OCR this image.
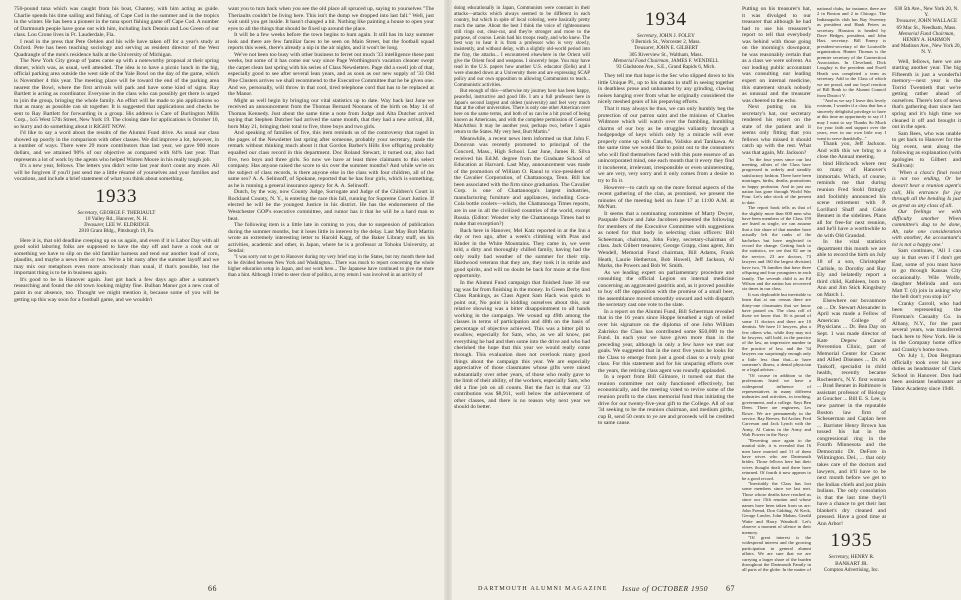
750-pound tuna which was caught from his boat, Chantey, with him acting as guide. Charlie spends his time sailing and fishing, of Cape Cod in the summer and in the tropics in the winter. He has been a pioneer in the tuna sport fishing game off Cape Cod. A number of Dartmouth people have gone out with him, including Jack Dennis and Lou Green of our class. Lou Crone lives in Ft. Lauderdale, Fla.

I read in the press that Pete Oehlen and his wife have taken off for a year's study at Oxford. Pete has been teaching sociology and serving as resident director of the West Quadrangle of the men's residence halls at the University of Michigan.

The New York City group of 'pates came up with a noteworthy proposal at their spring dinner, which was, as usual, well attended. The idea is to have a picnic lunch in the big, official parking area outside the west side of the Yale Bowl on the day of the game, which is November 4 this year. The meeting place will be toward the end of the parking area nearest the Bowl, where the first arrivals will park and have some kind of signs. Ray Bartlett is acting as coordinator. Everyone in the class who can possibly get there is urged to join the group, bringing the whole family. An effort will be made to pin applications so that as many as possible can sit together. It is suggested that applications and checks be sent to Ray Bartlett for forwarding in a group. His address is Care of Burlington Mills Corp., 1o5 West 57th Street, New York 19. The closing date for applications is October 10, so hurry and do something about it RIGHT NOW.

I'd like to say a word about the results of the Alumni Fund drive. As usual our class showed up poorly in the comparison with other classes. We did improve a lot, however, in a number of ways. There were 29 more contributors than last year, we gave 900 more dollars, and we attained 90% of our objective as compared with 84% last year. That represents a lot of work by the agents who helped Warren Moore in his really tough job.

It's a new year, fellows. The letters you didn't write last year don't count any more. All will be forgiven if you'll just send me a little résumé of yourselves and your families and vocations, and include a brief statement of what you think about something.

1933
Secretary, GEORGE F. THERIAULT
10 Valley Rd., Hanover, N. H.
Treasurer, LEE W. ELDRIDGE
2810 Grant Bldg., Pittsburgh 19, Pa.

Here it is, that old deadline creeping up on us again, and even if it is Labor Day with all good solid laboring folks are supposed to have the day off and have a cook out or something we have to slip on the old familiar harness and tend our another load of corn, plaudits, and maybe a news item or two. We're a bit rusty after the summer layoff and we may mix our metaphors even more atrociously than usual, if that's possible, but the important thing is to be in business again.

It's good to be in Hanover again. Just got back a few days ago after a summer's researching and found the old town looking mighty fine. Bulban Manor got a new coat of paint in our absence, too. Thought we might mention it, because some of you will be getting up this way soon for a football game, and we wouldn't

want you to turn back when you see the old place all spruced up, saying to yourselves "The Theriaults couldn't be living here. This isn't the dump we dropped into last fall." Well, just wait until you get inside. It hasn't changed a bit. Nothing like painting a house to open your eyes to all the things that should be fixed up around the place.

It will be a few weeks before the town begins to hum again. It still has its lazy summer look and there are few familiar faces to be seen on Main Street, but the football squad reports this week, there's already a nip in the air nights, and it won't be long.

We've not been too busy with other business to ferret out much '33 intelligence these past weeks, but some of it has come our way since Page Worthington's vacation cleaner swept the carpet clean last spring with his series of Class Newsletters. Page did a swell job of that, especially good to see after several lean years, and as soon as our new supply of '33 Old Pine Clusters arrives we shall recommend to the Executive Committee that he be given one. And we, personally, will throw in that cool, tired telephone cord that has to be replaced at the Manor.

Might as well begin by bringing our vital statistics up to date. Way back last June we received an announcement from the Thomas Bernard Noonans of the birth on May 14 of Thomas Kennedy. Just about the same time a note from Judge and Alta Dutcher arrived saying that Stephen Dutcher had arrived the same month, that they had a new arrival, Jill, born May 21, bringing their total to five, three boys and two girls.

And speaking of families of five, this item reminds us of the controversy that raged in the pages of the Newsletter last spring after someone, probably your secretary, made the remark without thinking much about it that Gordon Barber's Hills live offspring probably equalled our class record in this department. Doc Roland Stewart, it turned out, also had five, two boys and three girls. So now we have at least three claimants to this select company. Has anyone raised the score to six over the summer months? And while we're on the subject of class records, is there anyone else in the class with four children, all of the same sex? A. A. Selinsoff, of Spokane, reported that he has four girls, which is something, as he is running a general insurance agency for A. A. Selinsoff.

Dutch, by the way, now County Judge, Surrogate and Judge of the Children's Court in Rockland County, N. Y., is entering the race this fall, running for Supreme Court Justice. If elected he will be the youngest Justice in his district. He has the endorsement of the Westchester GOP's executive committee, and rumor has it that he will be a hard man to beat.

The following item is a little late in coming to you, due to suspension of publication during the summer months, but it loses little in interest by the delay. Last May Burt Martin wrote an extremely interesting letter to Harold Kagg, of the Baker Library staff, on his activities, academic and other, in Japan, where he is a professor at Tohoku University, at Sendai:

"I was sorry not to get to Hanover during my very brief stay in the States, but my month there had to be divided between New York and Washington... There was much to report concerning the whole higher education setup in Japan, and our work here... The Japanese have continued to give me more than a hint. Although I tried to steer clear of politics, at my return I was involved in an activity of

66

doing educationally in Japan, Communists were constant in their attacks—attacks which always seemed to be different in each country, but which in spite of local coloring, were basically pretty much the same. About the best I think the voice of righteousness still rings out, clear-cut, and they're stronger and more to the purpose, of course. Lenin had his troops ready, and who knew. The best way to hear it is from a professor who is very slowly, insistently, and without delay, with a slightly old-world period into the fray, the attacks... I encountered elsewhere in the Orient will give the Orient food and weapons. I sincerely hope. You may have read in the U.S. papers how another U.S. educator (Eells) and I were shouted down at a University there and are expressing SCAP policy and our own opposition to allowing Communists to teach... Communistic activities.

But enough of this—otherwise my journey here has been happy, peaceful, instructive and good life. I am a full professor here in Japan's second largest and oldest (university) and feel very much that at the other universities. There is only one other American over here on the same terms, and both of us can be a bit proud of being known as Americans, and with the complete permission of General MacArthur. It may be another year, perhaps two, before I again return to the States. My very best, Burt Martin."

Meanwhile, a recent news item informed us that John F. Donovan was recently promoted to principal of the Concord, Mass., High School. Last June, James R. Silva received his Ed.M. degree from the Graduate School of Education at Harvard. Last May, announcement was made of the promotion of William O. Raoul to vice-president of the Cavalier Corporation, of Chattanooga, Tenn. Bill has been associated with the firm since graduation. The Cavalier Corp. is one of Chattanooga's largest industries, manufacturing furniture and appliances, including Coca-Cola bottle coolers—which, the Chattanooga Times reports, are in use in all the civilized countries of the world, except Russia. (Editor: Wonder why the Chattanooga Times had to make that exception?)

Back here in Hanover, Mel Katz reported in at the Inn a day or two ago, after a week's climbing with Pras and Kinder in the White Mountains. They came in, we were told, a dirty and thoroughly chilled family, having had the only really bad weather of the summer for their trip. Hardwood veterans that they are, they took it in stride and good spirits, and will no doubt be back for more at the first opportunity.

In the Alumni Fund campaign that finished June 30 our tag was far from finishing in the money. In Green Derby and Class Rankings, as Class Agent Sam Hack was quick to point out, No point in kidding ourselves about this, our relative showing was a bitter disappointment to all hands working in the campaign. We wound up 49th among the classes in terms of participation and 48th on the basis of percentage of objective achieved. This was a bitter pill to swallow, especially for Sam, who, as we all know, put everything he had and then some into the drive and who had cherished the hope that this year we would really come through. This evaluation does not overlook many good things about the campaign this year. We are especially appreciative of those classmates whose gifts were raised substantially over other years, of those who really gave to the limit of their ability, of the workers, especially Sam, who did a fine job on all counts. But the fact is that our '33 contribution was $8,911, well below the achievement of other classes, and there is no reason why next year we should do better.

1934
Secretary, JOHN J. FOLEY
9 Bernick St., Worcester 2, Mass.
Treasurer, JOHN E. GILBERT
305 Riverview St., Waltham, Mass.
Memorial Fund Chairman, JAMES F. WENDELL
93 Gladstone Ave., S.E., Grand Rapids 6, Mich.

They tell me that hope is the Sec who slipped down to his little Unique Pl., up to his shanks in stuff in seeing together in deathless prose and unhaunted by any grinding, clawing noises hanging over from what he originally considered the nicely meshed gears of his prepaving efforts.

That it may always be thus, we can only humbly beg the protection of our patron saint and the minions of Charles Widmore which will watch over the fumbling, bumbling charms of our boy as he struggles valiantly through a hodgepodge of keys which only by a miracle will ever properly come up with Catullus, Valisko and Tanikawa. At the same time we would like to point out to the consumers who will find themselves faced with this pure essence of an unincorporated mind, one each month that it every they find it incoherent, irrelevant, irresponsible or even uninteresting, we are very, very sorry and it only comes from a desire to try to fix it.

However—to catch up on the more formal aspects of the recent gathering of the clan, as promised, we present the minutes of the meeting held on June 17 at 11:00 A.M. at McNutt.

It seems that a nominating committee of Marty Dwyer, Pasquale Dacre and Jake Jacobsen presented the following for members of the Executive Committee with suggestions as noted for that body in selecting class officers: Bill Scheerman, chairman, John Foley, secretary-chairman of class. Jack Gilbert treasurer, George Grapp, class agent, Jim Wendell, Memorial Fund chairman, Bill Adams, Frank Heath, Laurie Hetherton, Bob Howell, Jeff Jackson, Al Marks, the Powers and Bob W. Smith.

As we leading expert on parliamentary procedure and consulting the official Legion on internal medicine concerning an aggravated gastritis and, as it proved possible to buy off the opposition with the promise of a small beer, the assemblance moved smoothly onward and with dispatch the secretary cast one vote to the slate.

In a report on the Alumni Fund, Bill Scheerman revealed that in the 16 years since Hoppe breathed a sigh of relief over his signature on the diploma of one John William Zakrisko the Class has contributed some $50,000 to the Fund. In each year we have given more than in the preceding year, although in only a few have we met our goals. We suggested that in the next five years he looks for the Class to emerge from just a good class to a truly great class. For this statement and for his unsparing efforts over the years, the retiring class agent was roundly applauded.

In a report from Bill Gilmore, it turned out that the reunion committee not only functioned effectively, but economically, and the meeting voted to revive some of the reunion profit to the class memorial fund thus initiating the drive for our twenty-five-year gift to the College. All of our '34 seeking to be the reunion chairman, and medium girths, cup B, send 50 cents to ye are and proceeds will be credited to same cause.

Putting on his treasurer's hat, it was divulged to our treasurer that although he had had to use his treasurer's report to tell that everybody was behind with those going on the morning's downpour, he was reasonably certain that as a class we were solvent. As our leading public accountant was consulting our leading expert on internal medicine, this statement struck nobody as unusual and the treasurer was cheered to the echo.

Next putting on his secretary's hat, our secretary rendered his report on the state of the patient and it seems only fitting that you fellows who missed it should catch up with the rest. What was that again, Mr. Jackson?

"In the four years since our last meeting, affairs of the Class have progressed in orderly and steadily satisfactory fashion. There have been marriages, births, deaths, promotions in happy profusion. And in just our nation has gone through World War Four. Let's take stock of the present to date.

The report book tells us that of the slightly more than 600 men who have been members of the Class 159 are listed as single, we can assume that a fair share of that number have actually left the ranks of the bachelors but have neglected to record the change. Getting back to the statistics, we see that 82 are in the service, 23 are doctors, 73 lawyers and 160 the largest division) have two, 76 families that have three offspring and four youngsters in each family. The seventh child is an Ed Wilson and the nation has recovered six times in our class.

It was deplorable but inevitable to learn that at our census there are thirty-one classmates that we know have passed on. The class roll of those we know that. 16 is proud of some 11 doctors and there are 10 dentists. We have 11 lawyers, plus a few others who, while they may not be lawyers, still hold, in the practice of the law, an impressive number in the practice of law, and the '34 lawyers our surprisingly enough only a little less than that—to have someone's illness, a dental physician or a legal adviser...

"Of course in addition to the professions listed we have a widespread influence of representatives in many different industries and activities, in teaching, government, and a college. Says Ben Deen. There are engineers, Les Rowe. We are permanently in the service. Ray Reeves, Ed Archer, Fred Carveson and Jack Lynch with the Army, Al Cairns in the Army and Walt Powers in the Navy.

"Reverting once again to the marital side, it is revealed that 16 men have married and 11 of them have wives who are Dartmouth brides. Those fellows here but their wives thought dealt and there have returned. Of fourth it now appears to be a good record.

"Inevitably the Class has lost some members since we last met. Those whose deaths have reached us since our 15th reunion and whose names have been taken from us are: John Fremd, Don Gidding, Al Keck, George Lawler, John Mahan, Gerald Waite and Harry Wamhoff. Let's observe a moment of silence in their memory.

"Of great interest is the widespread interest and the growing participation in general alumni affairs. We are sure that we are carrying a larger share of the burden throughout the Dartmouth Family in all parts of the globe. In the matter of national clubs, for instance, there are 2 in Boston and 2 in Chicago. The Indianapolis club has Ray Sweeney as president and Hank Peters as secretary. Houston is headed by Dave Hedges, president, and John Hart, secretary. Bill Emery is president-secretary of the Louisville organization. Hunter Thomas is the premier secretary of the Connecticut Association. In Cleveland, Dick Loughry is the president and Ewell Heath was completed a term as secretary. Add to the Class of which we are proud, and our loyal reaction of Bill Bonk to the Alumni Council from District V.

"And as we say I leave this lovely rostrum, I wonder if a class that has a sincerely delightful privilege to have at this time an opportunity to say if I may I want to say Thanks So Much for your faith and support over the years, ever in our own little way I want to serve thankfully..."

Thank you, Jeff Jackson. And with this we bring to a close the Annual meeting.

bind Hitchcock where rest so many of Hanover's immortals. Which, of course, reminds me that during reunion Fred Stohl fittingly and foolishly announced his scene retirement with P. Lorillard Shaff and Cokie Bennett in the sidelines. Plans all for free-for next reunion, and he'll have a worthwhile to do with Old Grandad.

In the vital statistics department this month we are able to record the birth on July 18 of a son, Christopher Carlisle, to Dorothy and Ray Ely and belatedly report a third child, Kathleen, born to Ann and Jim Stick Kingsbury on March 1.

Elsewhere our bovanmore on ... Dr. Stewart Alexander in April was made a Fellow of American College of Physicians ... Dr. Bea Day on Sept. 1 was made director of Kate Depew Cancer Prevention Clinic, part of Memorial Center for Cancer and Allied Diseases ... Dr. Al Tankoff, specialist in child health, recently became Rochester's, N.Y. first woman ... Brad Bennet in Baltimore is assistant professor of Biology at Goucher ... Bill E. S. Lee, is new partner in the reputable Boston law firm of Scheuerman and Caplan here ... Barrister Henry Brown has tossed his hat in the congressional ring in the Fourth Minnesota and the Democratic Dr. DeFore in Wilmington. Del., ... that only takes care of the doctors and lawyers, and it'll have to be next month before we get to the Indian chiefs and just plain Indians. The only consolation is that the last time they'll have a chance to get their last blanket's dry cleaned and pressed. Have a good time at Ann Arbor!

1935
Secretary, HENRY R. BANKART JR.
Compton Advertising, Inc.
630 5th Ave., New York 20, N. Y.
Treasurer, JOHN WALLACE
69 Mac St., Needham, Mass.
Memorial Fund Chairman, HENRY A. HARMON
and Madison Ave., New York 20, N. Y.

Well, fellows, here we are starting another year. The big Fifteenth is just a wonderful memory—next year is the Torrid Twentieth that we're getting rather ahead of ourselves. There's lots of news that's gathering dust since last spring and it's high time we cleaned it off and brought it out in the open.

Sam Rees, who was unable to get back to Hanover for the big event, sent along the following as explanation (with apologies to Gilbert and Sullivan):

'When a class's final roost is not too ending, Or he doesn't hear a reunion agent's call, His entrance for joy through all the bending Is just as great as any class of all.

Our feelings we with difficulty smother When committee's dug to be done, Ah, take one consideration with another, An accountant's lot is not a happy one.'

Sam continues, 'All I can say is that even if I don't get East, some of you must have to go through Kansas City occasionally. Wile Wolfe, daughter Melinda and son Matt T. (4) join in asking why the hell don't you stop in?'

Cranky Carroll, who had been representing the Fireman's Casualty Co. in Albany, N.Y., for the past several years, was transferred back here to New York. He is in the Company home office and Cranky's home town.

On July 1, Don Bergman officially took over his new duties as headmaster of Clark School in Hanover. Don had been assistant headmaster at Tabor Academy since 1948.

DARTMOUTH ALUMNI MAGAZINE Issue of OCTOBER 1950 67
